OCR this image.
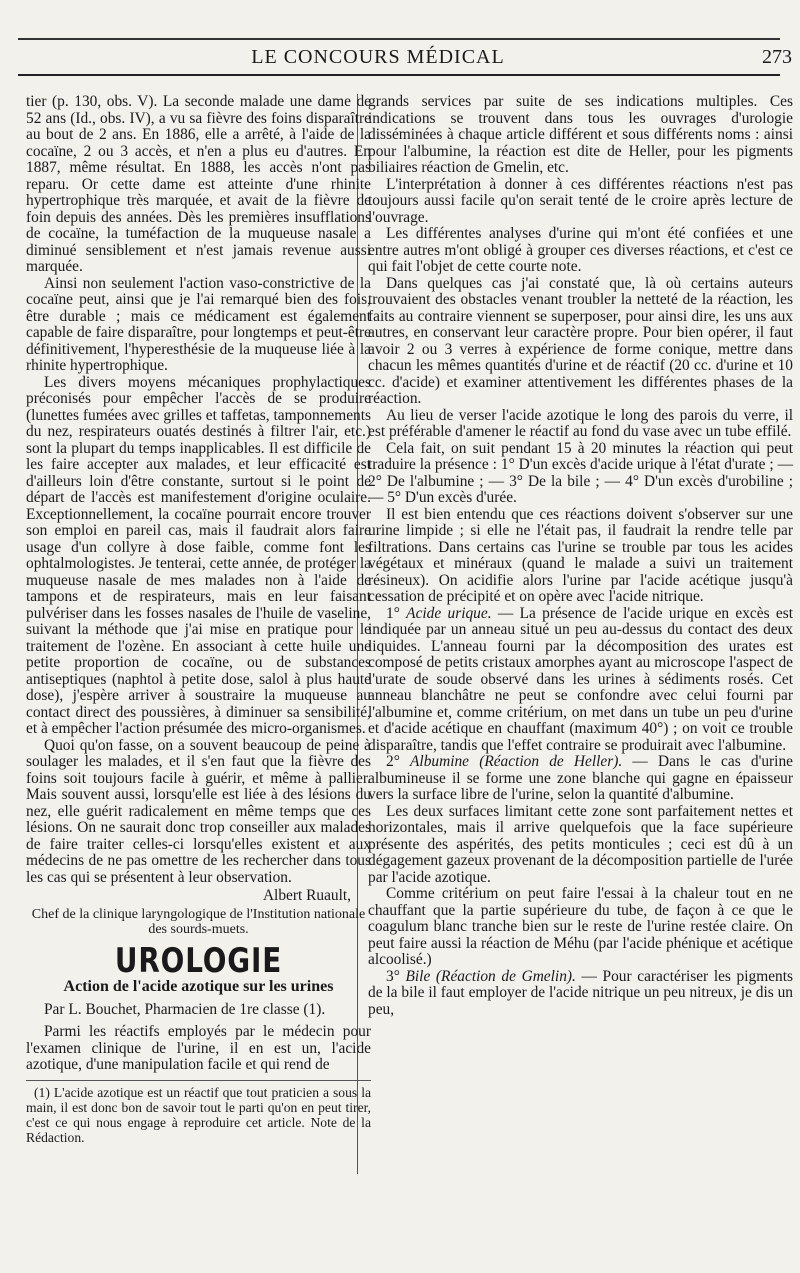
LE CONCOURS MÉDICAL	273

tier (p. 130, obs. V). La seconde malade une dame de 52 ans (Id., obs. IV), a vu sa fièvre des foins disparaître au bout de 2 ans. En 1886, elle a arrêté, à l'aide de la cocaïne, 2 ou 3 accès, et n'en a plus eu d'autres. En 1887, même résultat. En 1888, les accès n'ont pas reparu. Or cette dame est atteinte d'une rhinite hypertrophique très marquée, et avait de la fièvre de foin depuis des années. Dès les premières insufflations de cocaïne, la tuméfaction de la muqueuse nasale a diminué sensiblement et n'est jamais revenue aussi marquée.

Ainsi non seulement l'action vaso-constrictive de la cocaïne peut, ainsi que je l'ai remarqué bien des fois, être durable ; mais ce médicament est également capable de faire disparaître, pour longtemps et peut-être définitivement, l'hyperesthésie de la muqueuse liée à la rhinite hypertrophique.

Les divers moyens mécaniques prophylactiques préconisés pour empêcher l'accès de se produire (lunettes fumées avec grilles et taffetas, tamponnements du nez, respirateurs ouatés destinés à filtrer l'air, etc.) sont la plupart du temps inapplicables. Il est difficile de les faire accepter aux malades, et leur efficacité est d'ailleurs loin d'être constante, surtout si le point de départ de l'accès est manifestement d'origine oculaire. Exceptionnellement, la cocaïne pourrait encore trouver son emploi en pareil cas, mais il faudrait alors faire usage d'un collyre à dose faible, comme font les ophtalmologistes. Je tenterai, cette année, de protéger la muqueuse nasale de mes malades non à l'aide de tampons et de respirateurs, mais en leur faisant pulvériser dans les fosses nasales de l'huile de vaseline, suivant la méthode que j'ai mise en pratique pour le traitement de l'ozène. En associant à cette huile une petite proportion de cocaïne, ou de substances antiseptiques (naphtol à petite dose, salol à plus haute dose), j'espère arriver à soustraire la muqueuse au contact direct des poussières, à diminuer sa sensibilité, et à empêcher l'action présumée des micro-organismes.

Quoi qu'on fasse, on a souvent beaucoup de peine à soulager les malades, et il s'en faut que la fièvre des foins soit toujours facile à guérir, et même à pallier. Mais souvent aussi, lorsqu'elle est liée à des lésions du nez, elle guérit radicalement en même temps que ces lésions. On ne saurait donc trop conseiller aux malades de faire traiter celles-ci lorsqu'elles existent et aux médecins de ne pas omettre de les rechercher dans tous les cas qui se présentent à leur observation.

Albert Ruault,
Chef de la clinique laryngologique de l'Institution nationale des sourds-muets.
UROLOGIE
Action de l'acide azotique sur les urines

Par L. Bouchet, Pharmacien de 1re classe (1).

Parmi les réactifs employés par le médecin pour l'examen clinique de l'urine, il en est un, l'acide azotique, d'une manipulation facile et qui rend de

(1) L'acide azotique est un réactif que tout praticien a sous la main, il est donc bon de savoir tout le parti qu'on en peut tirer, c'est ce qui nous engage à reproduire cet article. Note de la Rédaction.

grands services par suite de ses indications multiples. Ces indications se trouvent dans tous les ouvrages d'urologie disséminées à chaque article différent et sous différents noms : ainsi pour l'albumine, la réaction est dite de Heller, pour les pigments biliaires réaction de Gmelin, etc.

L'interprétation à donner à ces différentes réactions n'est pas toujours aussi facile qu'on serait tenté de le croire après lecture de l'ouvrage.

Les différentes analyses d'urine qui m'ont été confiées et une entre autres m'ont obligé à grouper ces diverses réactions, et c'est ce qui fait l'objet de cette courte note.

Dans quelques cas j'ai constaté que, là où certains auteurs trouvaient des obstacles venant troubler la netteté de la réaction, les faits au contraire viennent se superposer, pour ainsi dire, les uns aux autres, en conservant leur caractère propre. Pour bien opérer, il faut avoir 2 ou 3 verres à expérience de forme conique, mettre dans chacun les mêmes quantités d'urine et de réactif (20 cc. d'urine et 10 cc. d'acide) et examiner attentivement les différentes phases de la réaction.

Au lieu de verser l'acide azotique le long des parois du verre, il est préférable d'amener le réactif au fond du vase avec un tube effilé.

Cela fait, on suit pendant 15 à 20 minutes la réaction qui peut traduire la présence : 1° D'un excès d'acide urique à l'état d'urate ; — 2° De l'albumine ; — 3° De la bile ; — 4° D'un excès d'urobiline ; — 5° D'un excès d'urée.

Il est bien entendu que ces réactions doivent s'observer sur une urine limpide ; si elle ne l'était pas, il faudrait la rendre telle par filtrations. Dans certains cas l'urine se trouble par tous les acides végétaux et minéraux (quand le malade a suivi un traitement résineux). On acidifie alors l'urine par l'acide acétique jusqu'à cessation de précipité et on opère avec l'acide nitrique.

1° Acide urique. — La présence de l'acide urique en excès est indiquée par un anneau situé un peu au-dessus du contact des deux liquides. L'anneau fourni par la décomposition des urates est composé de petits cristaux amorphes ayant au microscope l'aspect de l'urate de soude observé dans les urines à sédiments rosés. Cet anneau blanchâtre ne peut se confondre avec celui fourni par l'albumine et, comme critérium, on met dans un tube un peu d'urine et d'acide acétique en chauffant (maximum 40°) ; on voit ce trouble disparaître, tandis que l'effet contraire se produirait avec l'albumine.

2° Albumine (Réaction de Heller). — Dans le cas d'urine albumineuse il se forme une zone blanche qui gagne en épaisseur vers la surface libre de l'urine, selon la quantité d'albumine.

Les deux surfaces limitant cette zone sont parfaitement nettes et horizontales, mais il arrive quelquefois que la face supérieure présente des aspérités, des petits monticules ; ceci est dû à un dégagement gazeux provenant de la décomposition partielle de l'urée par l'acide azotique.

Comme critérium on peut faire l'essai à la chaleur tout en ne chauffant que la partie supérieure du tube, de façon à ce que le coagulum blanc tranche bien sur le reste de l'urine restée claire. On peut faire aussi la réaction de Méhu (par l'acide phénique et acétique alcoolisé.)

3° Bile (Réaction de Gmelin). — Pour caractériser les pigments de la bile il faut employer de l'acide nitrique un peu nitreux, je dis un peu,
